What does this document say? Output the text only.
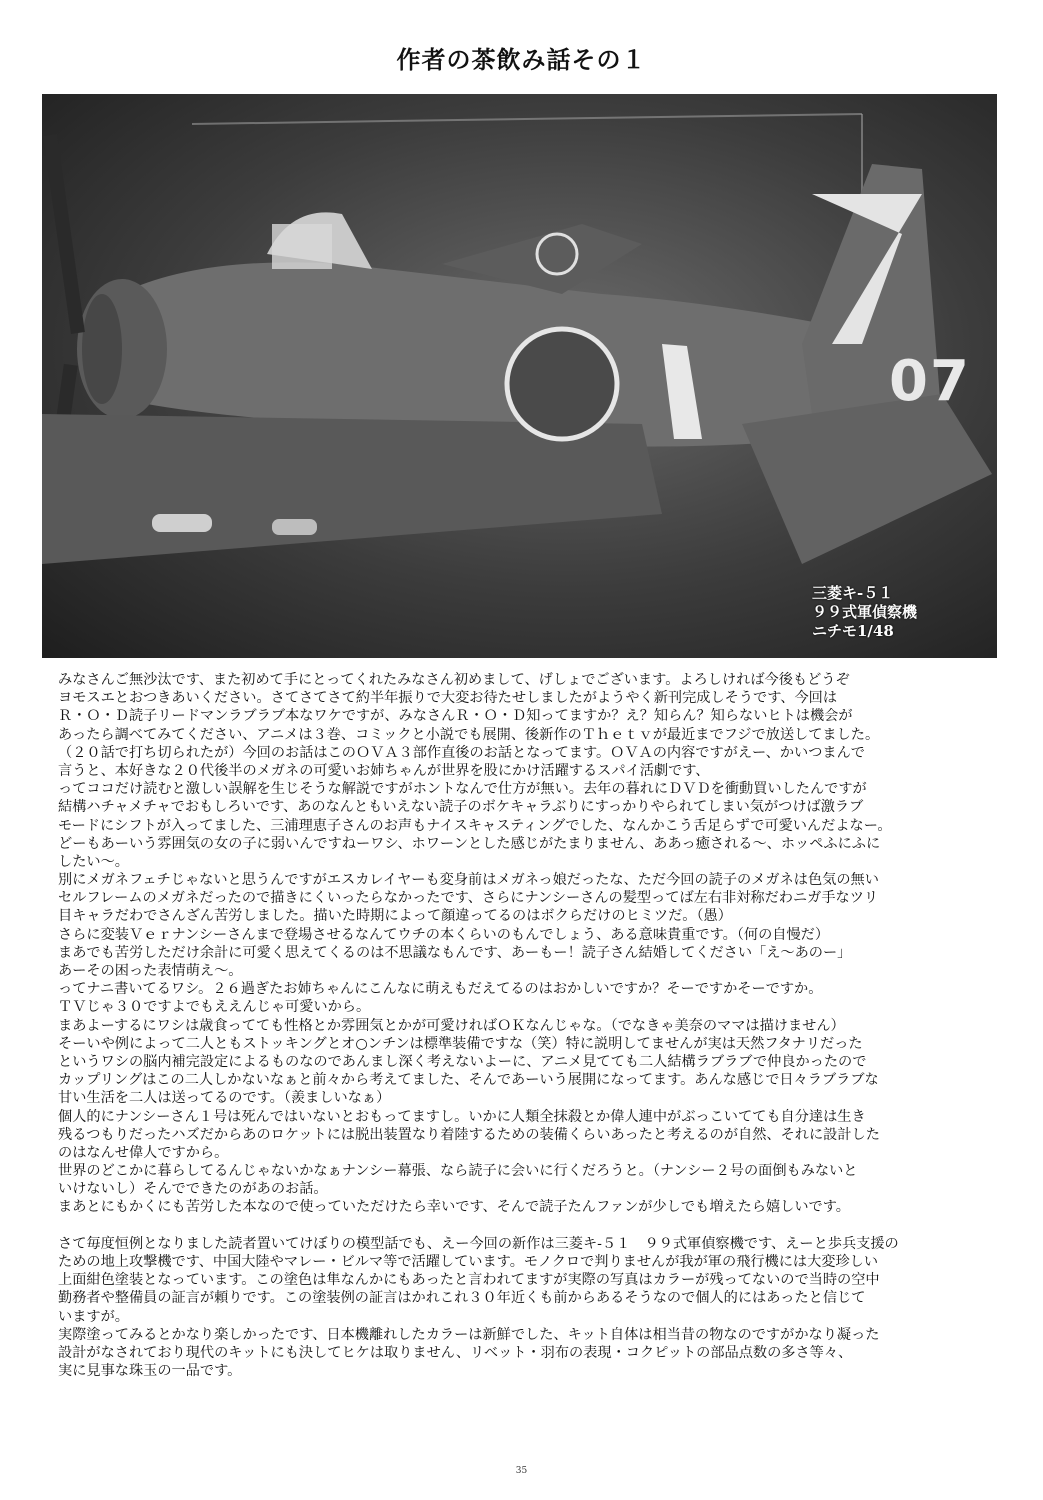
作者の茶飲み話その１
07
三菱キ-５１
９９式軍偵察機
ニチモ1/48
みなさんご無沙汰です、また初めて手にとってくれたみなさん初めまして、げしょでございます。よろしければ今後もどうぞ
ヨモスエとおつきあいください。さてさてさて約半年振りで大変お待たせしましたがようやく新刊完成しそうです、今回は
Ｒ・Ｏ・Ｄ読子リードマンラブラブ本なワケですが、みなさんＲ・Ｏ・Ｄ知ってますか？え？知らん？知らないヒトは機会が
あったら調べてみてください、アニメは３巻、コミックと小説でも展開、後新作のＴｈｅｔｖが最近までフジで放送してました。
（２０話で打ち切られたが）今回のお話はこのＯＶＡ３部作直後のお話となってます。ＯＶＡの内容ですがえー、かいつまんで
言うと、本好きな２０代後半のメガネの可愛いお姉ちゃんが世界を股にかけ活躍するスパイ活劇です、
ってココだけ読むと激しい誤解を生じそうな解説ですがホントなんで仕方が無い。去年の暮れにＤＶＤを衝動買いしたんですが
結構ハチャメチャでおもしろいです、あのなんともいえない読子のボケキャラぶりにすっかりやられてしまい気がつけば激ラブ
モードにシフトが入ってました、三浦理恵子さんのお声もナイスキャスティングでした、なんかこう舌足らずで可愛いんだよなー。
どーもあーいう雰囲気の女の子に弱いんですねーワシ、ホワーンとした感じがたまりません、ああっ癒される～、ホッペふにふに
したい～。
別にメガネフェチじゃないと思うんですがエスカレイヤーも変身前はメガネっ娘だったな、ただ今回の読子のメガネは色気の無い
セルフレームのメガネだったので描きにくいったらなかったです、さらにナンシーさんの髪型ってば左右非対称だわニガ手なツリ
目キャラだわでさんざん苦労しました。描いた時期によって顔違ってるのはボクらだけのヒミツだ。（愚）
さらに変装Ｖｅｒナンシーさんまで登場させるなんてウチの本くらいのもんでしょう、ある意味貴重です。（何の自慢だ）
まあでも苦労しただけ余計に可愛く思えてくるのは不思議なもんです、あーもー！読子さん結婚してください「え～あのー」
あーその困った表情萌え～。
ってナニ書いてるワシ。２６過ぎたお姉ちゃんにこんなに萌えもだえてるのはおかしいですか？そーですかそーですか。
ＴＶじゃ３０ですよでもええんじゃ可愛いから。
まあよーするにワシは歳食ってても性格とか雰囲気とかが可愛ければＯＫなんじゃな。（でなきゃ美奈のママは描けません）
そーいや例によって二人ともストッキングとオ○ンチンは標準装備ですな（笑）特に説明してませんが実は天然フタナリだった
というワシの脳内補完設定によるものなのであんまし深く考えないよーに、アニメ見てても二人結構ラブラブで仲良かったので
カップリングはこの二人しかないなぁと前々から考えてました、そんであーいう展開になってます。あんな感じで日々ラブラブな
甘い生活を二人は送ってるのです。（羨ましいなぁ）
個人的にナンシーさん１号は死んではいないとおもってますし。いかに人類全抹殺とか偉人連中がぶっこいてても自分達は生き
残るつもりだったハズだからあのロケットには脱出装置なり着陸するための装備くらいあったと考えるのが自然、それに設計した
のはなんせ偉人ですから。
世界のどこかに暮らしてるんじゃないかなぁナンシー幕張、なら読子に会いに行くだろうと。（ナンシー２号の面倒もみないと
いけないし）そんでできたのがあのお話。
まあとにもかくにも苦労した本なので使っていただけたら幸いです、そんで読子たんファンが少しでも増えたら嬉しいです。
さて毎度恒例となりました読者置いてけぼりの模型話でも、えー今回の新作は三菱キ-５１　９９式軍偵察機です、えーと歩兵支援の
ための地上攻撃機です、中国大陸やマレー・ビルマ等で活躍しています。モノクロで判りませんが我が軍の飛行機には大変珍しい
上面紺色塗装となっています。この塗色は隼なんかにもあったと言われてますが実際の写真はカラーが残ってないので当時の空中
勤務者や整備員の証言が頼りです。この塗装例の証言はかれこれ３０年近くも前からあるそうなので個人的にはあったと信じて
いますが。
実際塗ってみるとかなり楽しかったです、日本機離れしたカラーは新鮮でした、キット自体は相当昔の物なのですがかなり凝った
設計がなされており現代のキットにも決してヒケは取りません、リベット・羽布の表現・コクピットの部品点数の多さ等々、
実に見事な珠玉の一品です。
35
